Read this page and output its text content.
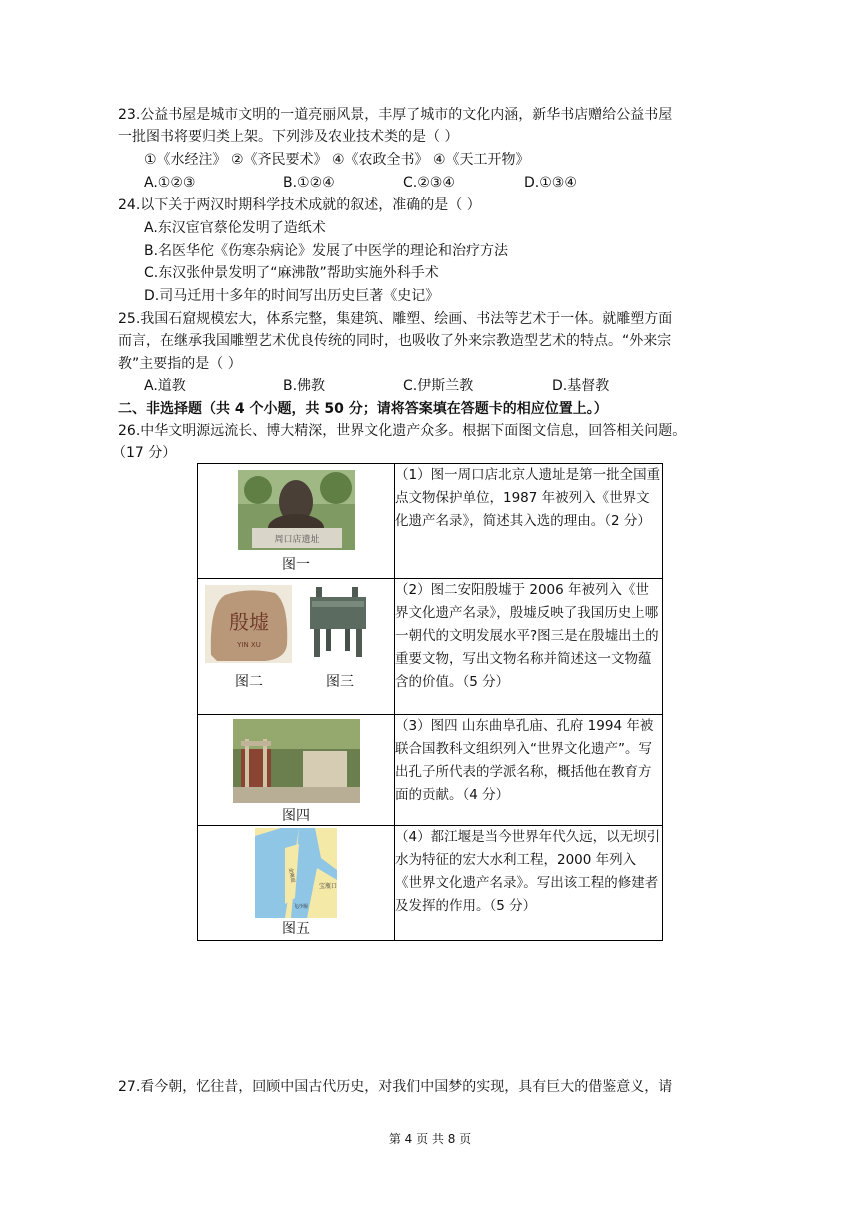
23.公益书屋是城市文明的一道亮丽风景，丰厚了城市的文化内涵，新华书店赠给公益书屋
一批图书将要归类上架。下列涉及农业技术类的是（ ）
①《水经注》 ②《齐民要术》 ④《农政全书》 ④《天工开物》
A.①②③	B.①②④	C.②③④	D.①③④
24.以下关于两汉时期科学技术成就的叙述，准确的是（ ）
A.东汉宦官蔡伦发明了造纸术
B.名医华佗《伤寒杂病论》发展了中医学的理论和治疗方法
C.东汉张仲景发明了“麻沸散”帮助实施外科手术
D.司马迁用十多年的时间写出历史巨著《史记》
25.我国石窟规模宏大，体系完整，集建筑、雕塑、绘画、书法等艺术于一体。就雕塑方面
而言，在继承我国雕塑艺术优良传统的同时，也吸收了外来宗教造型艺术的特点。“外来宗
教”主要指的是（ ）
A.道教	B.佛教	C.伊斯兰教	D.基督教
二、非选择题（共 4 个小题，共 50 分；请将答案填在答题卡的相应位置上。）
26.中华文明源远流长、博大精深，世界文化遗产众多。根据下面图文信息，回答相关问题。
（17 分）
周口店遗址
图一	（1）图一周口店北京人遗址是第一批全国重点文物保护单位，1987 年被列入《世界文化遗产名录》，简述其入选的理由。（2 分）

殷墟
YIN XU
图二 图三	（2）图二安阳殷墟于 2006 年被列入《世界文化遗产名录》，殷墟反映了我国历史上哪一朝代的文明发展水平?图三是在殷墟出土的重要文物，写出文物名称并简述这一文物蕴含的价值。（5 分）

图四	（3）图四 山东曲阜孔庙、孔府 1994 年被联合国教科文组织列入“世界文化遗产”。写出孔子所代表的学派名称，概括他在教育方面的贡献。（4 分）

宝瓶口
飞沙堰
金刚堤
图五	（4）都江堰是当今世界年代久远，以无坝引水为特征的宏大水利工程，2000 年列入《世界文化遗产名录》。写出该工程的修建者及发挥的作用。（5 分）
27.看今朝，忆往昔，回顾中国古代历史，对我们中国梦的实现，具有巨大的借鉴意义，请
第 4 页 共 8 页
